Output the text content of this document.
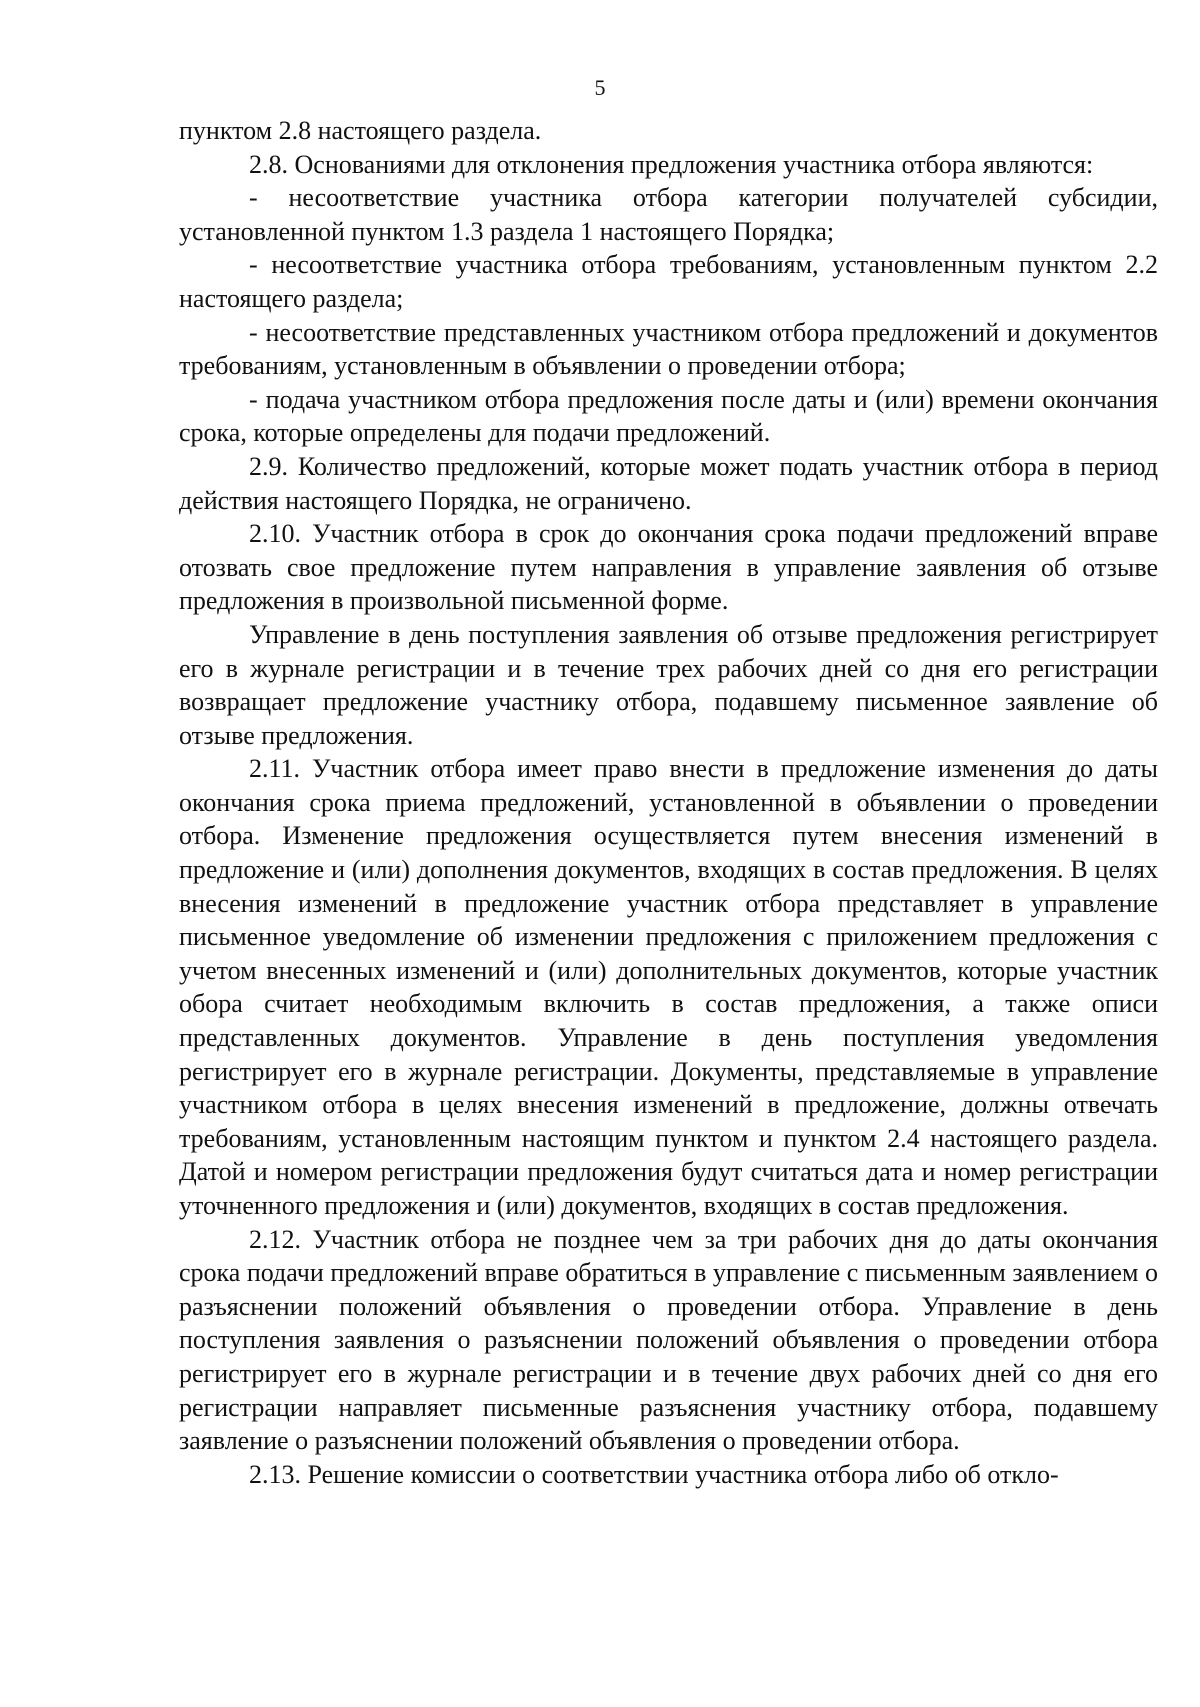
5

пунктом 2.8 настоящего раздела.

2.8. Основаниями для отклонения предложения участника отбора являются:

- несоответствие участника отбора категории получателей субсидии, установленной пунктом 1.3 раздела 1 настоящего Порядка;

- несоответствие участника отбора требованиям, установленным пунктом 2.2 настоящего раздела;

- несоответствие представленных участником отбора предложений и документов требованиям, установленным в объявлении о проведении отбора;

- подача участником отбора предложения после даты и (или) времени окончания срока, которые определены для подачи предложений.

2.9. Количество предложений, которые может подать участник отбора в период действия настоящего Порядка, не ограничено.

2.10. Участник отбора в срок до окончания срока подачи предложений вправе отозвать свое предложение путем направления в управление заявления об отзыве предложения в произвольной письменной форме.

Управление в день поступления заявления об отзыве предложения регистрирует его в журнале регистрации и в течение трех рабочих дней со дня его регистрации возвращает предложение участнику отбора, подавшему письменное заявление об отзыве предложения.

2.11. Участник отбора имеет право внести в предложение изменения до даты окончания срока приема предложений, установленной в объявлении о проведении отбора. Изменение предложения осуществляется путем внесения изменений в предложение и (или) дополнения документов, входящих в состав предложения. В целях внесения изменений в предложение участник отбора представляет в управление письменное уведомление об изменении предложения с приложением предложения с учетом внесенных изменений и (или) дополнительных документов, которые участник обора считает необходимым включить в состав предложения, а также описи представленных документов. Управление в день поступления уведомления регистрирует его в журнале регистрации. Документы, представляемые в управление участником отбора в целях внесения изменений в предложение, должны отвечать требованиям, установленным настоящим пунктом и пунктом 2.4 настоящего раздела. Датой и номером регистрации предложения будут считаться дата и номер регистрации уточненного предложения и (или) документов, входящих в состав предложения.

2.12. Участник отбора не позднее чем за три рабочих дня до даты окончания срока подачи предложений вправе обратиться в управление с письменным заявлением о разъяснении положений объявления о проведении отбора. Управление в день поступления заявления о разъяснении положений объявления о проведении отбора регистрирует его в журнале регистрации и в течение двух рабочих дней со дня его регистрации направляет письменные разъяснения участнику отбора, подавшему заявление о разъяснении положений объявления о проведении отбора.

2.13. Решение комиссии о соответствии участника отбора либо об откло-
